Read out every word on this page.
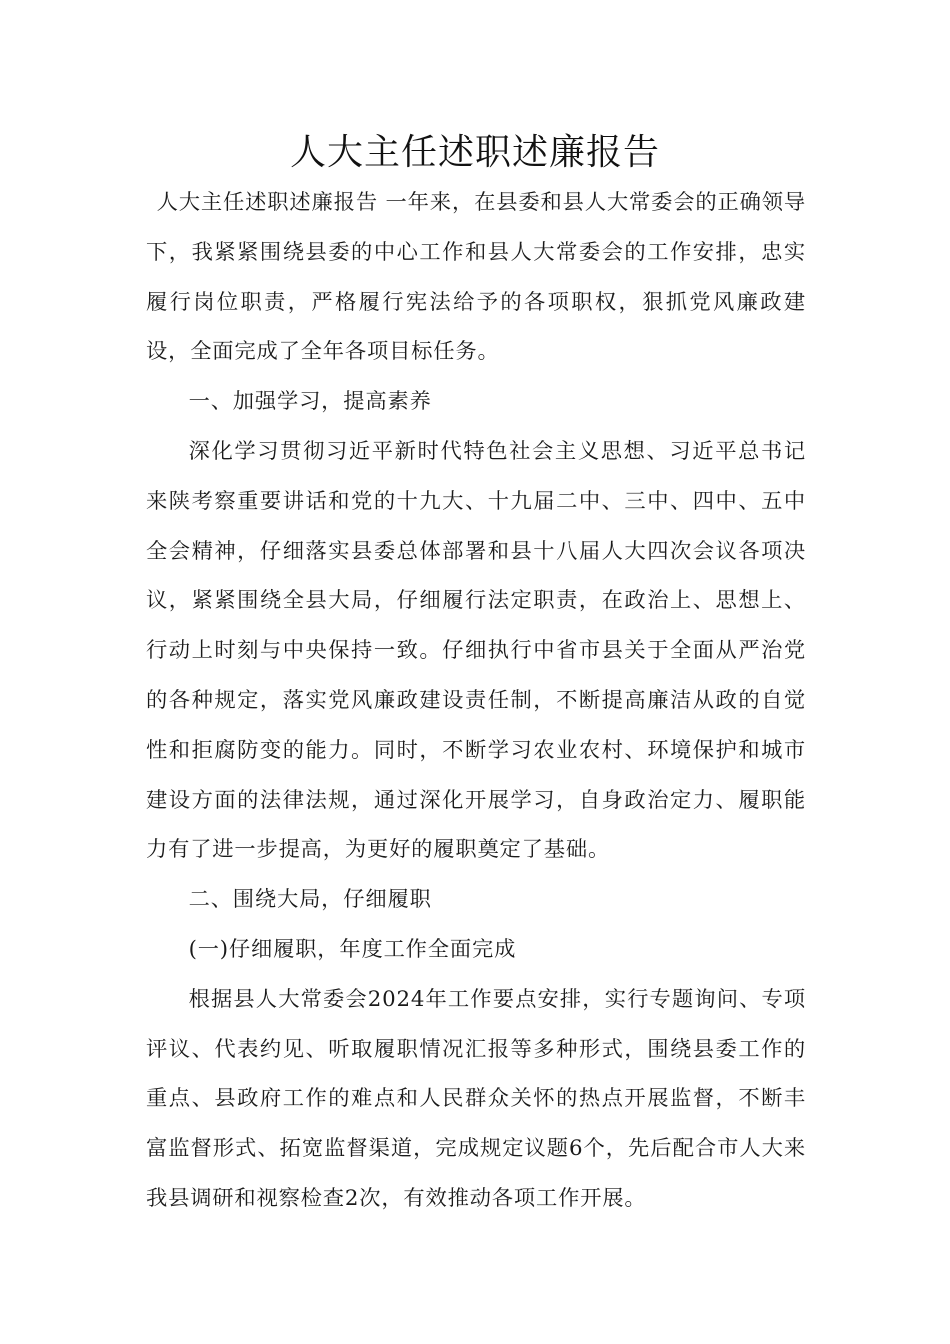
人大主任述职述廉报告

人大主任述职述廉报告 一年来，在县委和县人大常委会的正确领导下，我紧紧围绕县委的中心工作和县人大常委会的工作安排，忠实履行岗位职责，严格履行宪法给予的各项职权，狠抓党风廉政建设，全面完成了全年各项目标任务。

一、加强学习，提高素养

深化学习贯彻习近平新时代特色社会主义思想、习近平总书记来陕考察重要讲话和党的十九大、十九届二中、三中、四中、五中全会精神，仔细落实县委总体部署和县十八届人大四次会议各项决议，紧紧围绕全县大局，仔细履行法定职责，在政治上、思想上、行动上时刻与中央保持一致。仔细执行中省市县关于全面从严治党的各种规定，落实党风廉政建设责任制，不断提高廉洁从政的自觉性和拒腐防变的能力。同时，不断学习农业农村、环境保护和城市建设方面的法律法规，通过深化开展学习，自身政治定力、履职能力有了进一步提高，为更好的履职奠定了基础。

二、围绕大局，仔细履职

(一)仔细履职，年度工作全面完成

根据县人大常委会2024年工作要点安排，实行专题询问、专项评议、代表约见、听取履职情况汇报等多种形式，围绕县委工作的重点、县政府工作的难点和人民群众关怀的热点开展监督，不断丰富监督形式、拓宽监督渠道，完成规定议题6个，先后配合市人大来我县调研和视察检查2次，有效推动各项工作开展。
